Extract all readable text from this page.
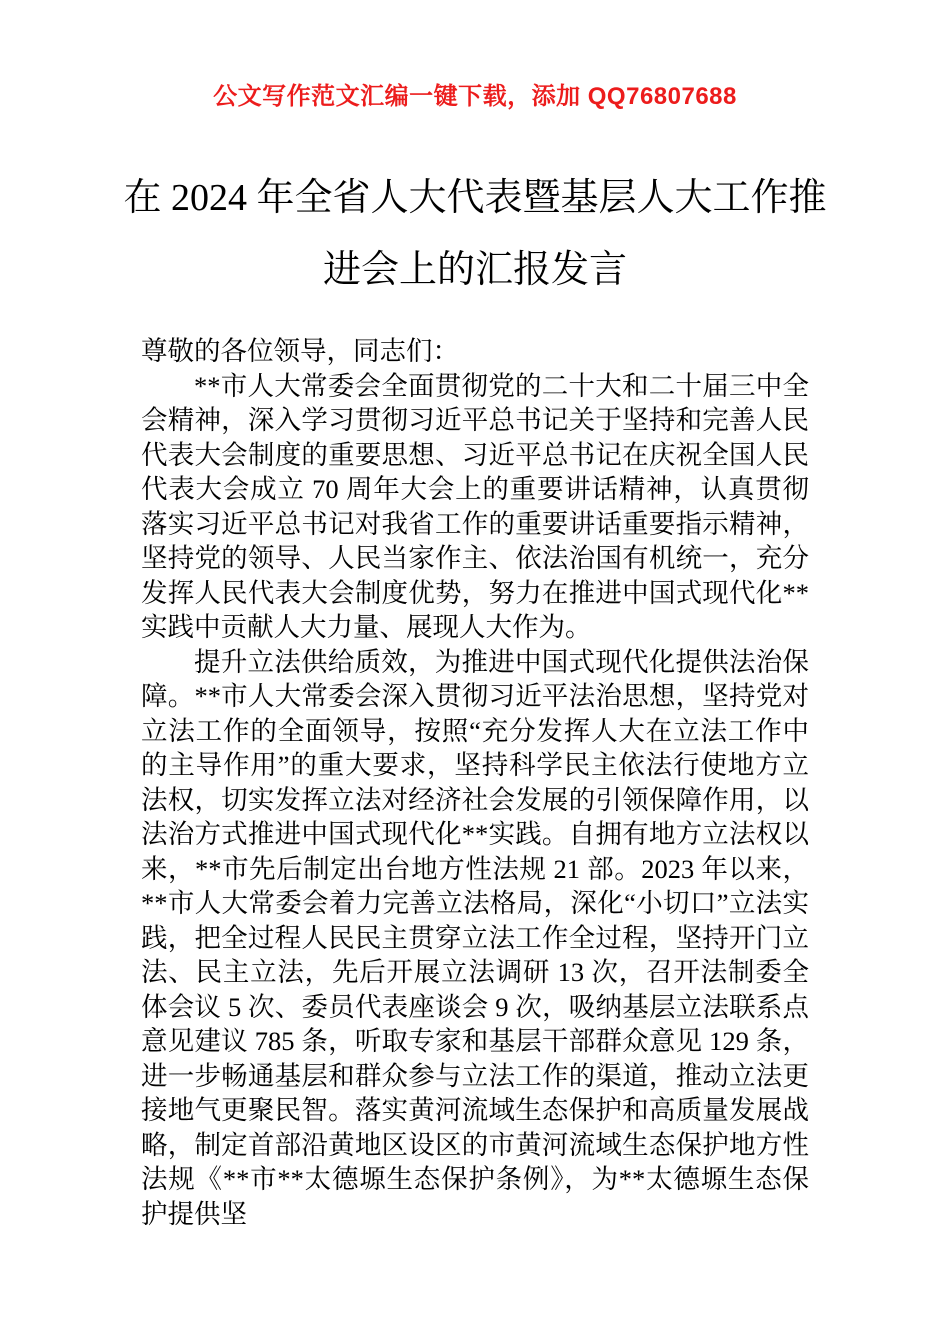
公文写作范文汇编一键下载，添加 QQ76807688
在 2024 年全省人大代表暨基层人大工作推
进会上的汇报发言

尊敬的各位领导，同志们：

**市人大常委会全面贯彻党的二十大和二十届三中全会精神，深入学习贯彻习近平总书记关于坚持和完善人民代表大会制度的重要思想、习近平总书记在庆祝全国人民代表大会成立 70 周年大会上的重要讲话精神，认真贯彻落实习近平总书记对我省工作的重要讲话重要指示精神，坚持党的领导、人民当家作主、依法治国有机统一，充分发挥人民代表大会制度优势，努力在推进中国式现代化**实践中贡献人大力量、展现人大作为。

提升立法供给质效，为推进中国式现代化提供法治保障。**市人大常委会深入贯彻习近平法治思想，坚持党对立法工作的全面领导，按照“充分发挥人大在立法工作中的主导作用”的重大要求，坚持科学民主依法行使地方立法权，切实发挥立法对经济社会发展的引领保障作用，以法治方式推进中国式现代化**实践。自拥有地方立法权以来，**市先后制定出台地方性法规 21 部。2023 年以来，**市人大常委会着力完善立法格局，深化“小切口”立法实践，把全过程人民民主贯穿立法工作全过程，坚持开门立法、民主立法，先后开展立法调研 13 次，召开法制委全体会议 5 次、委员代表座谈会 9 次，吸纳基层立法联系点意见建议 785 条，听取专家和基层干部群众意见 129 条，进一步畅通基层和群众参与立法工作的渠道，推动立法更接地气更聚民智。落实黄河流域生态保护和高质量发展战略，制定首部沿黄地区设区的市黄河流域生态保护地方性法规《**市**太德塬生态保护条例》，为**太德塬生态保护提供坚
